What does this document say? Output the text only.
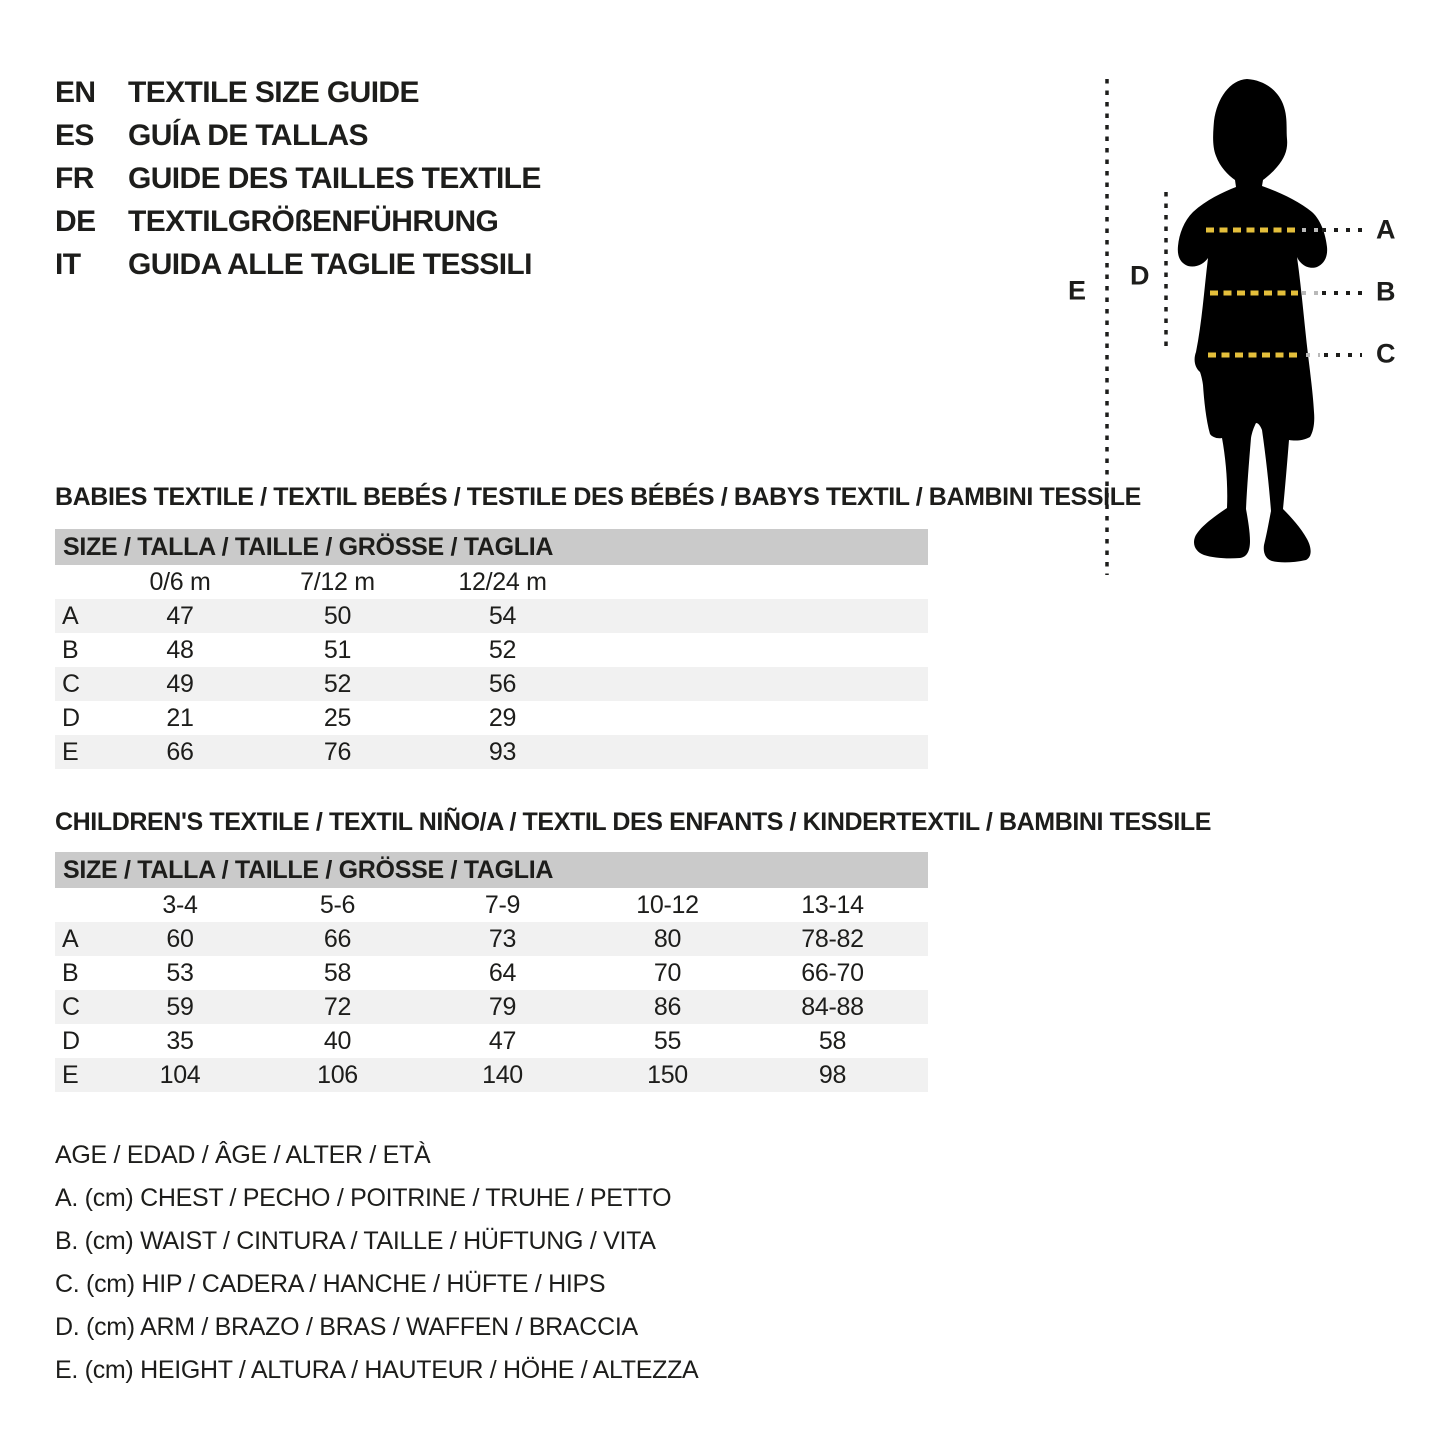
EN	TEXTILE SIZE GUIDE
ES	GUÍA DE TALLAS
FR	GUIDE DES TAILLES TEXTILE
DE	TEXTILGRÖßENFÜHRUNG
IT	GUIDA ALLE TAGLIE TESSILI
A
B
C
D
E
BABIES TEXTILE / TEXTIL BEBÉS / TESTILE DES BÉBÉS / BABYS TEXTIL / BAMBINI TESSILE
SIZE / TALLA / TAILLE / GRÖSSE / TAGLIA
	0/6 m	7/12 m	12/24 m	
A	47	50	54	
B	48	51	52	
C	49	52	56	
D	21	25	29	
E	66	76	93	
CHILDREN'S TEXTILE / TEXTIL NIÑO/A / TEXTIL DES ENFANTS / KINDERTEXTIL / BAMBINI TESSILE
SIZE / TALLA / TAILLE / GRÖSSE / TAGLIA
	3-4	5-6	7-9	10-12	13-14	
A	60	66	73	80	78-82	
B	53	58	64	70	66-70	
C	59	72	79	86	84-88	
D	35	40	47	55	58	
E	104	106	140	150	98	
AGE / EDAD / ÂGE / ALTER / ETÀ
A. (cm) CHEST / PECHO / POITRINE / TRUHE / PETTO
B. (cm) WAIST / CINTURA / TAILLE / HÜFTUNG / VITA
C. (cm) HIP / CADERA / HANCHE / HÜFTE / HIPS
D. (cm) ARM / BRAZO / BRAS / WAFFEN / BRACCIA
E. (cm) HEIGHT / ALTURA / HAUTEUR / HÖHE / ALTEZZA
